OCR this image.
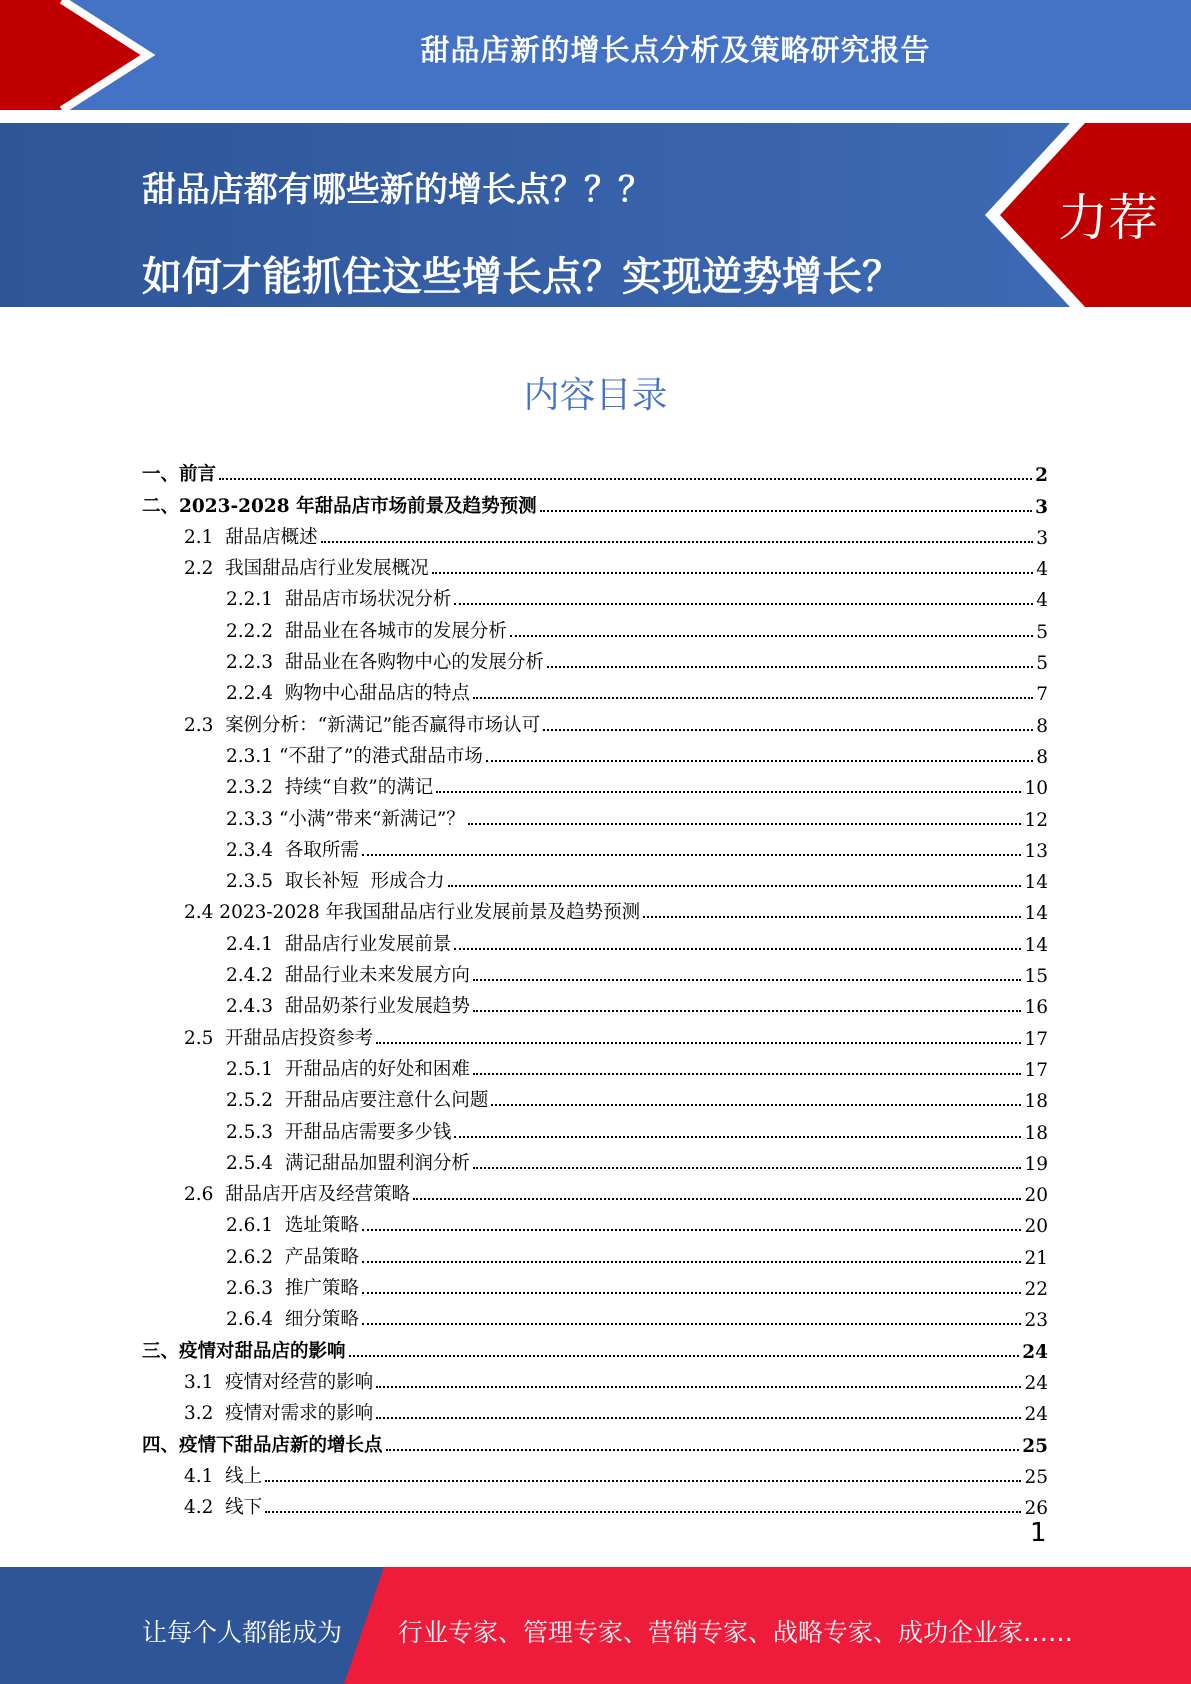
甜品店新的增长点分析及策略研究报告
甜品店都有哪些新的增长点？？？
如何才能抓住这些增长点？实现逆势增长？
力荐
内容目录
一、前言	2
二、2023-2028 年甜品店市场前景及趋势预测	3
2.1  甜品店概述	3
2.2  我国甜品店行业发展概况	4
2.2.1  甜品店市场状况分析	4
2.2.2  甜品业在各城市的发展分析	5
2.2.3  甜品业在各购物中心的发展分析	5
2.2.4  购物中心甜品店的特点	7
2.3  案例分析：“新满记”能否赢得市场认可	8
2.3.1 “不甜了”的港式甜品市场	8
2.3.2  持续“自救”的满记	10
2.3.3 “小满”带来“新满记”？	12
2.3.4  各取所需	13
2.3.5  取长补短  形成合力	14
2.4 2023-2028 年我国甜品店行业发展前景及趋势预测	14
2.4.1  甜品店行业发展前景	14
2.4.2  甜品行业未来发展方向	15
2.4.3  甜品奶茶行业发展趋势	16
2.5  开甜品店投资参考	17
2.5.1  开甜品店的好处和困难	17
2.5.2  开甜品店要注意什么问题	18
2.5.3  开甜品店需要多少钱	18
2.5.4  满记甜品加盟利润分析	19
2.6  甜品店开店及经营策略	20
2.6.1  选址策略	20
2.6.2  产品策略	21
2.6.3  推广策略	22
2.6.4  细分策略	23
三、疫情对甜品店的影响	24
3.1  疫情对经营的影响	24
3.2  疫情对需求的影响	24
四、疫情下甜品店新的增长点	25
4.1  线上	25
4.2  线下	26
1
让每个人都能成为 行业专家、管理专家、营销专家、战略专家、成功企业家……
